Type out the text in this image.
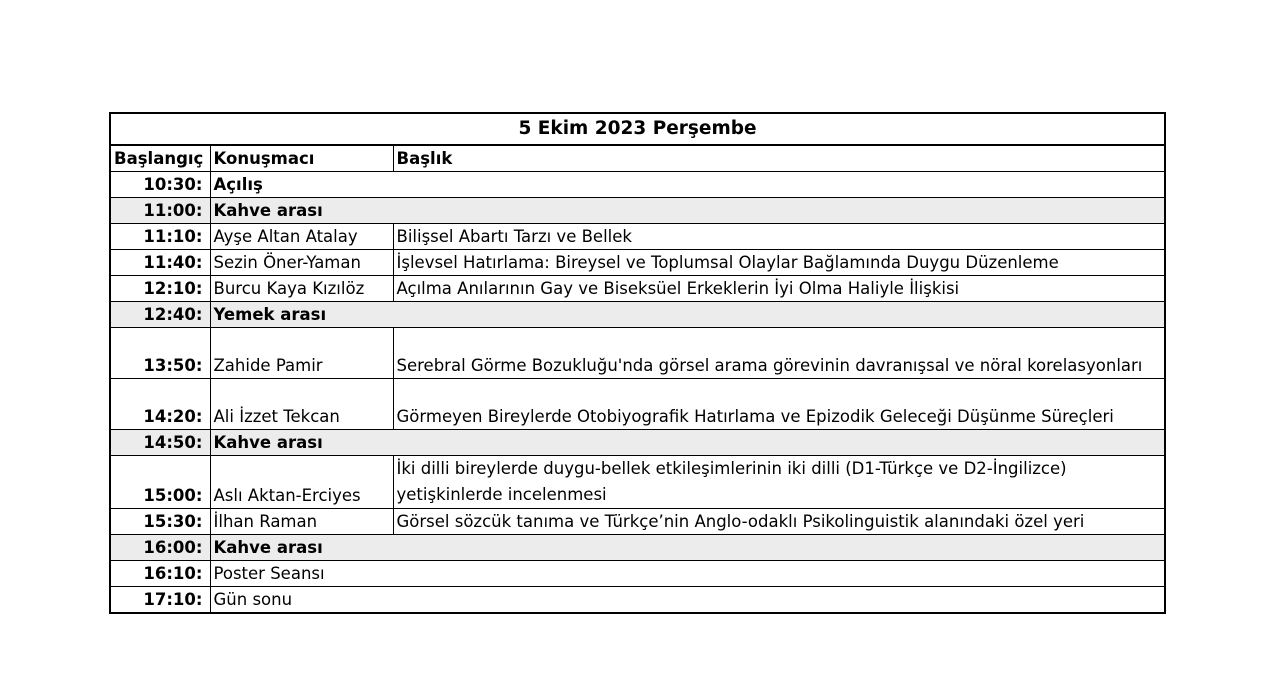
5 Ekim 2023 Perşembe		
Başlangıç	Konuşmacı	Başlık
10:30:	Açılış	
11:00:	Kahve arası	
11:10:	Ayşe Altan Atalay	Bilişsel Abartı Tarzı ve Bellek
11:40:	Sezin Öner-Yaman	İşlevsel Hatırlama: Bireysel ve Toplumsal Olaylar Bağlamında Duygu Düzenleme
12:10:	Burcu Kaya Kızılöz	Açılma Anılarının Gay ve Biseksüel Erkeklerin İyi Olma Haliyle İlişkisi
12:40:	Yemek arası	
13:50:	Zahide Pamir	Serebral Görme Bozukluğu'nda görsel arama görevinin davranışsal ve nöral korelasyonları
14:20:	Ali İzzet Tekcan	Görmeyen Bireylerde Otobiyografik Hatırlama ve Epizodik Geleceği Düşünme Süreçleri
14:50:	Kahve arası	
15:00:	Aslı Aktan-Erciyes	İki dilli bireylerde duygu-bellek etkileşimlerinin iki dilli (D1-Türkçe ve D2-İngilizce) yetişkinlerde incelenmesi
15:30:	İlhan Raman	Görsel sözcük tanıma ve Türkçe’nin Anglo-odaklı Psikolinguistik alanındaki özel yeri
16:00:	Kahve arası	
16:10:	Poster Seansı	
17:10:	Gün sonu	
